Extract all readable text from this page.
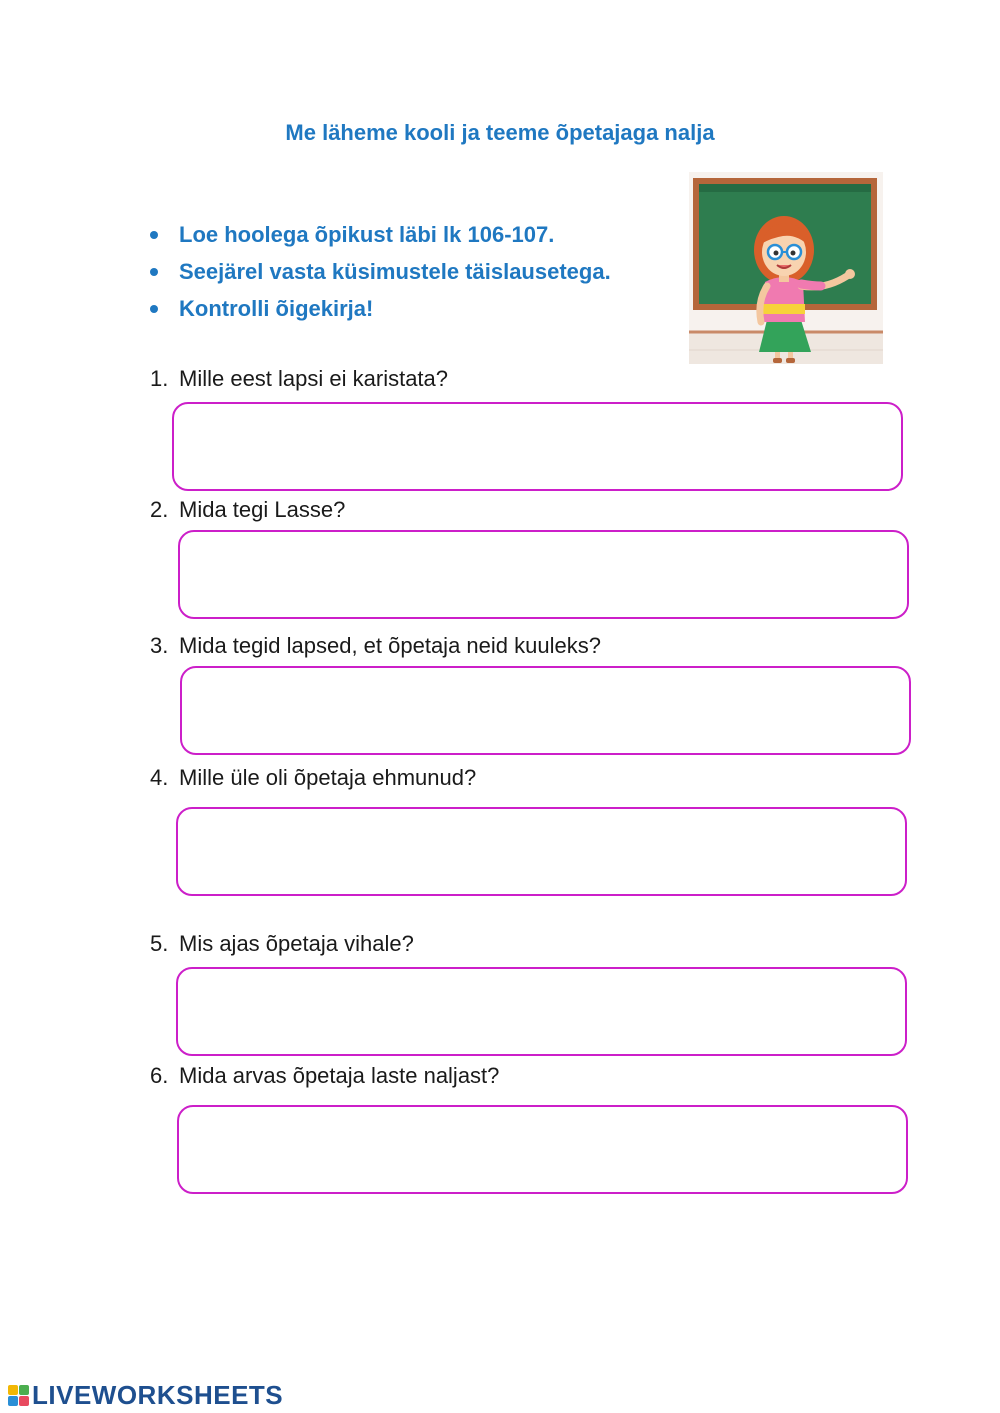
Me läheme kooli ja teeme õpetajaga nalja
Loe hoolega õpikust läbi lk 106-107.
Seejärel vasta küsimustele täislausetega.
Kontrolli õigekirja!

1. Mille eest lapsi ei karistata?

2. Mida tegi Lasse?

3. Mida tegid lapsed, et õpetaja neid kuuleks?

4. Mille üle oli õpetaja ehmunud?

5. Mis ajas õpetaja vihale?

6. Mida arvas õpetaja laste naljast?

LIVEWORKSHEETS
